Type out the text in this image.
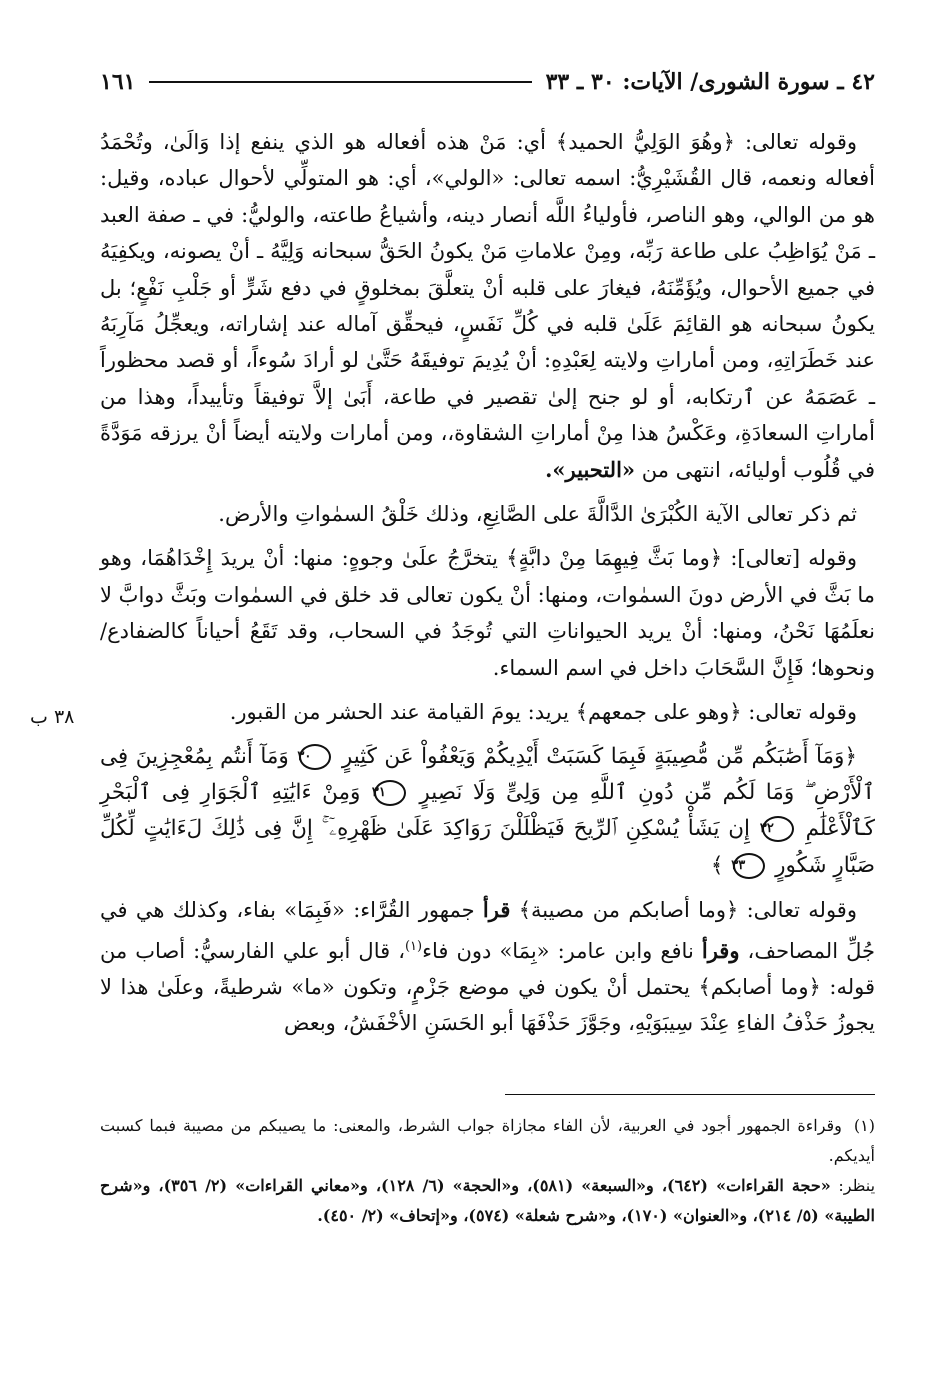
٤٢ ـ سورة الشورى/ الآيات: ٣٠ ـ ٣٣
١٦١

وقوله تعالى: ﴿وهُوَ الوَلِيُّ الحميد﴾ أي: مَنْ هذه أفعاله هو الذي ينفع إذا وَالَىٰ، وتُحْمَدُ أفعاله ونعمه، قال القُشَيْرِيُّ: اسمه تعالى: «الولي»، أي: هو المتولِّي لأحوال عباده، وقيل: هو من الوالي، وهو الناصر، فأولياءُ اللَّه أنصار دينه، وأشياعُ طاعته، والوليُّ: في ـ صفة العبد ـ مَنْ يُوَاظِبُ على طاعة رَبِّه، ومِنْ علاماتِ مَنْ يكونُ الحَقُّ سبحانه وَلِيَّهُ ـ أنْ يصونه، ويكفِيَهُ في جميع الأحوال، ويُؤَمِّنَهُ، فيغارَ على قلبه أنْ يتعلَّقَ بمخلوقٍ في دفع شَرٍّ أو جَلْبِ نَفْعٍ؛ بل يكونُ سبحانه هو القائِمَ عَلَىٰ قلبه في كُلِّ نَفَسٍ، فيحقِّق آماله عند إشاراته، ويعجِّلُ مَآرِبَهُ عند خَطَرَاتِهِ، ومن أماراتِ ولايته لِعَبْدِهِ: أنْ يُدِيمَ توفيقَهُ حَتَّىٰ لو أرادَ سُوءاً، أو قصد محظوراً ـ عَصَمَهُ عن ٱرتكابه، أو لو جنح إلىٰ تقصير في طاعة، أَبَىٰ إلاَّ توفيقاً وتأييداً، وهذا من أماراتِ السعادَةِ، وعَكْسُ هذا مِنْ أماراتِ الشقاوة،، ومن أمارات ولايته أيضاً أنْ يرزقه مَوَدَّةً في قُلُوب أوليائه، انتهى من «التحبير».

ثم ذكر تعالى الآية الكُبْرَىٰ الدَّالَّةَ على الصَّانِعِ، وذلك خَلْقُ السمٰواتِ والأرض.

وقوله [تعالى]: ﴿وما بَثَّ فِيهِمَا مِنْ دابَّةٍ﴾ يتخرَّجُ علَىٰ وجوهٍ: منها: أنْ يريدَ إِخْدَاهُمَا، وهو ما بَثَّ في الأرض دونَ السمٰوات، ومنها: أنْ يكون تعالى قد خلق في السمٰوات وبَثَّ دوابَّ لا نعلَمُهَا نَحْنُ، ومنها: أنْ يريد الحيواناتِ التي تُوجَدُ في السحاب، وقد تَقَعُ أحياناً كالضفادع/ ونحوها؛ فَإِنَّ السَّحَابَ داخل في اسم السماء.

وقوله تعالى: ﴿وهو على جمعهم﴾ يريد: يومَ القيامة عند الحشر من القبور.

﴿وَمَآ أَصَٰبَكُم مِّن مُّصِيبَةٍ فَبِمَا كَسَبَتْ أَيْدِيكُمْ وَيَعْفُواْ عَن كَثِيرٍ ٣٠ وَمَآ أَنتُم بِمُعْجِزِينَ فِى ٱلْأَرْضِ ۖ وَمَا لَكُم مِّن دُونِ ٱللَّهِ مِن وَلِىٍّ وَلَا نَصِيرٍ ٣١ وَمِنْ ءَايَٰتِهِ ٱلْجَوَارِ فِى ٱلْبَحْرِ كَٱلْأَعْلَٰمِ ٣٢ إِن يَشَأْ يُسْكِنِ ٱلرِّيحَ فَيَظْلَلْنَ رَوَاكِدَ عَلَىٰ ظَهْرِهِۦٓ ۚ إِنَّ فِى ذَٰلِكَ لَءَايَٰتٍ لِّكُلِّ صَبَّارٍ شَكُورٍ ٣٣ ﴾

وقوله تعالى: ﴿وما أصابكم من مصيبة﴾ قرأ جمهور القُرَّاء: «فَبِمَا» بفاء، وكذلك هي في جُلِّ المصاحف، وقرأ نافع وابن عامر: «بِمَا» دون فاء$^{(١)}$، قال أبو علي الفارسيُّ: أصاب من قوله: ﴿وما أصابكم﴾ يحتمل أنْ يكون في موضع جَزْمٍ، وتكون «ما» شرطيةً، وعلَىٰ هذا لا يجوزُ حَذْفُ الفاءِ عِنْدَ سِيبَوَيْهِ، وجَوَّزَ حَذْفَهَا أبو الحَسَنِ الأخْفَشُ، وبعض

٣٨ ب

(١)وقراءة الجمهور أجود في العربية، لأن الفاء مجازاة جواب الشرط، والمعنى: ما يصيبكم من مصيبة فبما كسبت أيديكم.

ينظر: «حجة القراءات» (٦٤٢)، و«السبعة» (٥٨١)، و«الحجة» (٦/ ١٢٨)، و«معاني القراءات» (٢/ ٣٥٦)، و«شرح الطيبة» (٥/ ٢١٤)، و«العنوان» (١٧٠)، و«شرح شعلة» (٥٧٤)، و«إتحاف» (٢/ ٤٥٠).
